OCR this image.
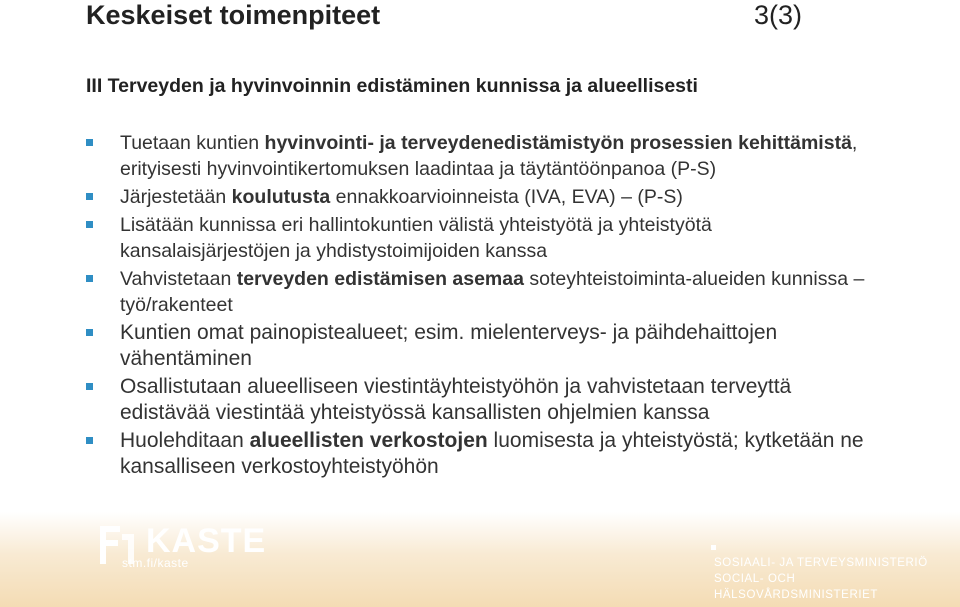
Keskeiset toimenpiteet	3(3)
III Terveyden ja hyvinvoinnin edistäminen kunnissa ja alueellisesti
Tuetaan kuntien hyvinvointi- ja terveydenedistämistyön prosessien kehittämistä, erityisesti hyvinvointikertomuksen laadintaa ja täytäntöönpanoa (P-S)
Järjestetään koulutusta ennakkoarvioinneista (IVA, EVA) – (P-S)
Lisätään kunnissa eri hallintokuntien välistä yhteistyötä ja yhteistyötä kansalaisjärjestöjen ja yhdistystoimijoiden kanssa
Vahvistetaan terveyden edistämisen asemaa soteyhteistoiminta-alueiden kunnissa – työ/rakenteet
Kuntien omat painopistealueet; esim. mielenterveys- ja päihdehaittojen vähentäminen
Osallistutaan alueelliseen viestintäyhteistyöhön ja vahvistetaan terveyttä edistävää viestintää yhteistyössä kansallisten ohjelmien kanssa
Huolehditaan alueellisten verkostojen luomisesta ja yhteistyöstä; kytketään ne kansalliseen verkostoyhteistyöhön
KASTE
stm.fi/kaste	SOSIAALI- JA TERVEYSMINISTERIÖ
SOCIAL- OCH HÄLSOVÅRDSMINISTERIET
